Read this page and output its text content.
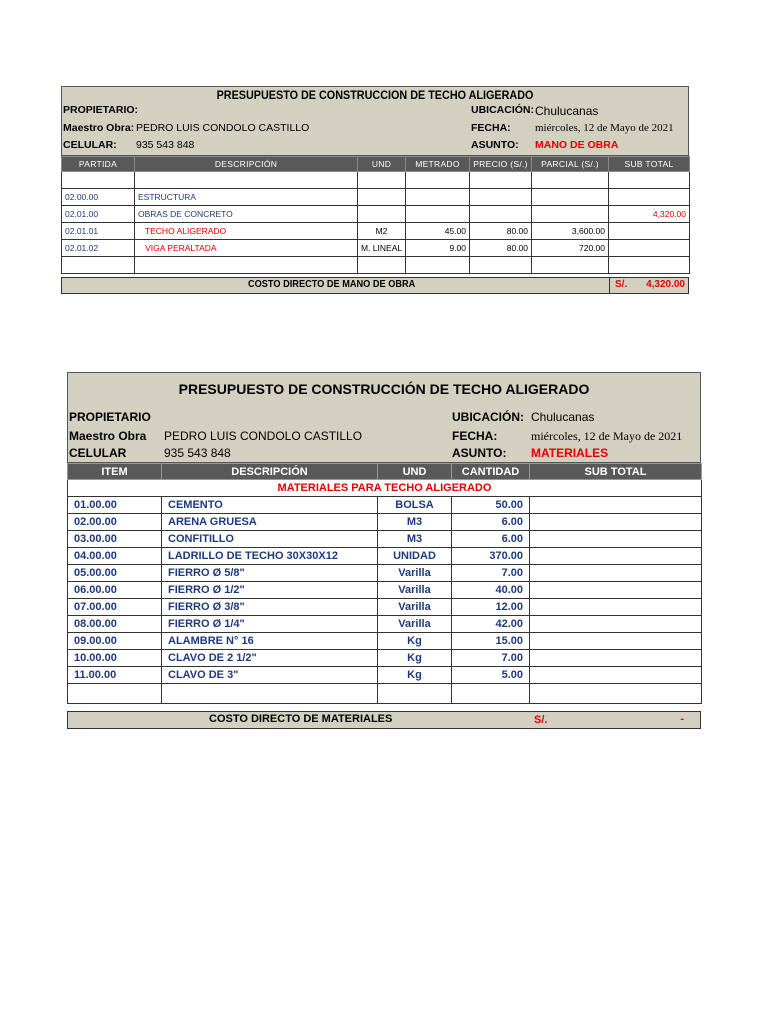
PRESUPUESTO DE CONSTRUCCION DE TECHO ALIGERADO
PROPIETARIO:
Maestro Obra: PEDRO LUIS CONDOLO CASTILLO
CELULAR: 935 543 848
UBICACIÓN: Chulucanas
FECHA: miércoles, 12 de Mayo de 2021
ASUNTO: MANO DE OBRA
PARTIDA	DESCRIPCIÓN	UND	METRADO	PRECIO (S/.)	PARCIAL (S/.)	SUB TOTAL

02.00.00	ESTRUCTURA					
02.01.00	OBRAS DE CONCRETO					4,320.00
02.01.01	TECHO ALIGERADO	M2	45.00	80.00	3,600.00	
02.01.02	VIGA PERALTADA	M. LINEAL	9.00	80.00	720.00	

COSTO DIRECTO DE MANO DE OBRA	S/. 4,320.00
PRESUPUESTO DE CONSTRUCCIÓN DE TECHO ALIGERADO
PROPIETARIO
Maestro Obra PEDRO LUIS CONDOLO CASTILLO
CELULAR	935 543 848
UBICACIÓN: Chulucanas
FECHA:	miércoles, 12 de Mayo de 2021
ASUNTO: MATERIALES
ITEM	DESCRIPCIÓN	UND	CANTIDAD	SUB TOTAL
MATERIALES PARA TECHO ALIGERADO				
01.00.00	CEMENTO	BOLSA	50.00	
02.00.00	ARENA GRUESA	M3	6.00	
03.00.00	CONFITILLO	M3	6.00	
04.00.00	LADRILLO DE TECHO 30X30X12	UNIDAD	370.00	
05.00.00	FIERRO Ø 5/8"	Varilla	7.00	
06.00.00	FIERRO Ø 1/2"	Varilla	40.00	
07.00.00	FIERRO Ø 3/8"	Varilla	12.00	
08.00.00	FIERRO Ø 1/4"	Varilla	42.00	
09.00.00	ALAMBRE N° 16	Kg	15.00	
10.00.00	CLAVO DE 2 1/2"	Kg	7.00	
11.00.00	CLAVO DE 3"	Kg	5.00	

COSTO DIRECTO DE MATERIALES	S/.	-
